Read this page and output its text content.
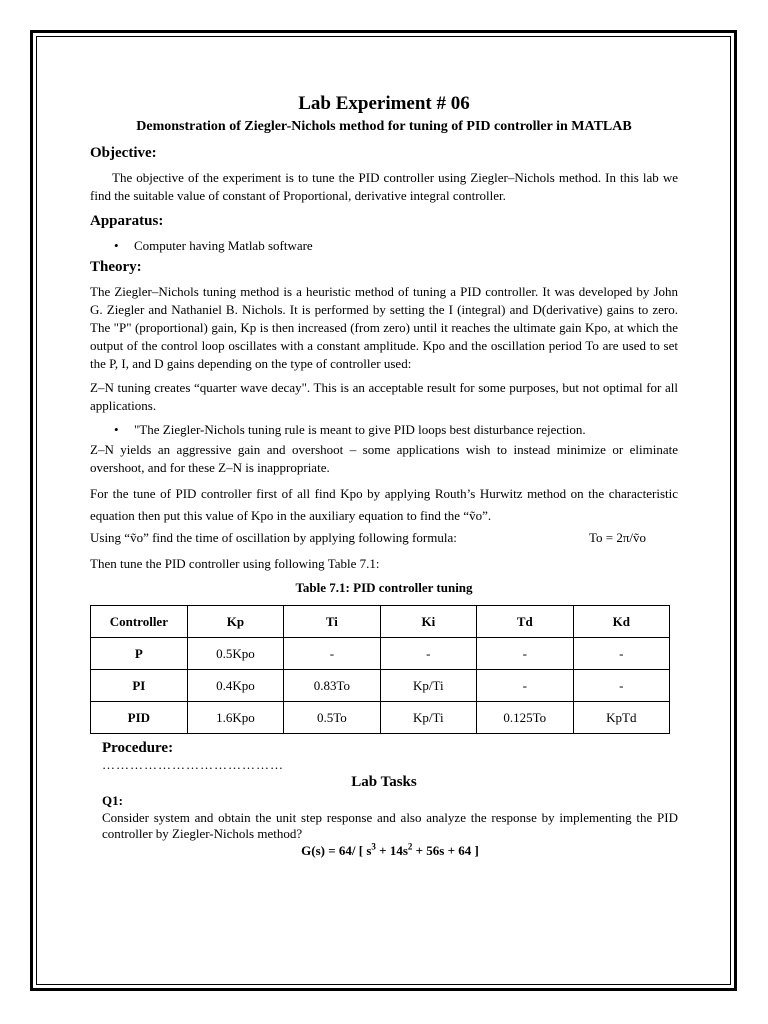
Lab Experiment # 06
Demonstration of Ziegler-Nichols method for tuning of PID controller in MATLAB
Objective:

The objective of the experiment is to tune the PID controller using Ziegler–Nichols method. In this lab we find the suitable value of constant of Proportional, derivative integral controller.

Apparatus:
• Computer having Matlab software
Theory:

The Ziegler–Nichols tuning method is a heuristic method of tuning a PID controller. It was developed by John G. Ziegler and Nathaniel B. Nichols. It is performed by setting the I (integral) and D(derivative) gains to zero. The "P" (proportional) gain, Kp is then increased (from zero) until it reaches the ultimate gain Kpo, at which the output of the control loop oscillates with a constant amplitude. Kpo and the oscillation period To are used to set the P, I, and D gains depending on the type of controller used:

Z–N tuning creates “quarter wave decay". This is an acceptable result for some purposes, but not optimal for all applications.

• "The Ziegler-Nichols tuning rule is meant to give PID loops best disturbance rejection.

Z–N yields an aggressive gain and overshoot – some applications wish to instead minimize or eliminate overshoot, and for these Z–N is inappropriate.

For the tune of PID controller first of all find Kpo by applying Routh’s Hurwitz method on the characteristic equation then put this value of Kpo in the auxiliary equation to find the “ṽo”.

Using “ṽo” find the time of oscillation by applying following formula:	To = 2π/ṽo

Then tune the PID controller using following Table 7.1:

Table 7.1: PID controller tuning
Controller	Kp	Ti	Ki	Td	Kd
P	0.5Kpo	-	-	-	-
PI	0.4Kpo	0.83To	Kp/Ti	-	-
PID	1.6Kpo	0.5To	Kp/Ti	0.125To	KpTd
Procedure:
…………………………………
Lab Tasks
Q1:

Consider system and obtain the unit step response and also analyze the response by implementing the PID controller by Ziegler-Nichols method?

G(s) = 64/ [ $s^3 + 14s^2 + 56s + 64$ ]
